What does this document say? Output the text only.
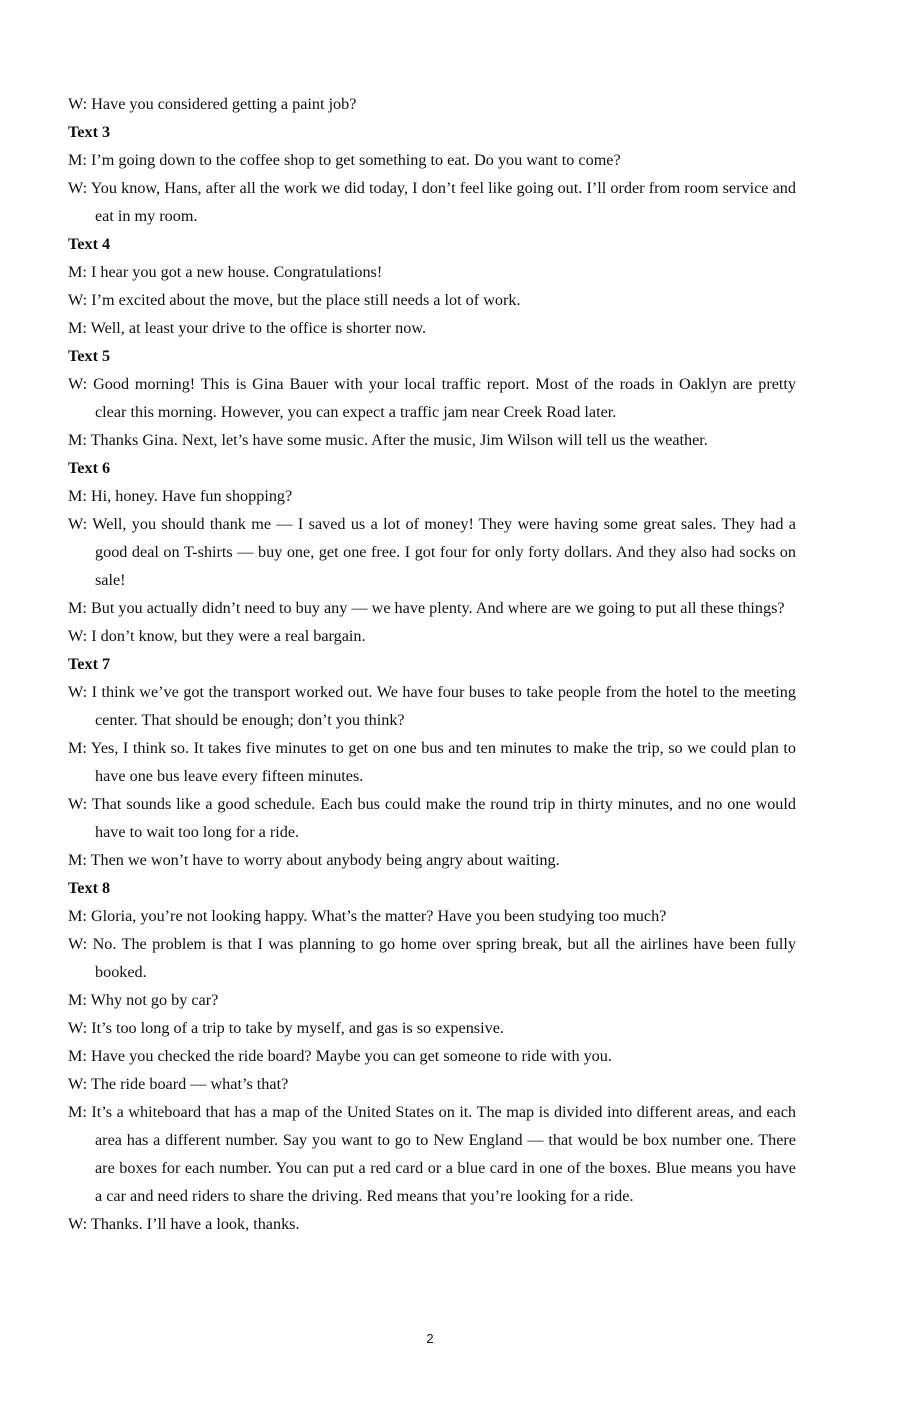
W: Have you considered getting a paint job?

Text 3

M: I’m going down to the coffee shop to get something to eat. Do you want to come?

W: You know, Hans, after all the work we did today, I don’t feel like going out. I’ll order from room service and eat in my room.

Text 4

M: I hear you got a new house. Congratulations!

W: I’m excited about the move, but the place still needs a lot of work.

M: Well, at least your drive to the office is shorter now.

Text 5

W: Good morning! This is Gina Bauer with your local traffic report. Most of the roads in Oaklyn are pretty clear this morning. However, you can expect a traffic jam near Creek Road later.

M: Thanks Gina. Next, let’s have some music. After the music, Jim Wilson will tell us the weather.

Text 6

M: Hi, honey. Have fun shopping?

W: Well, you should thank me — I saved us a lot of money! They were having some great sales. They had a good deal on T-shirts — buy one, get one free. I got four for only forty dollars. And they also had socks on sale!

M: But you actually didn’t need to buy any — we have plenty. And where are we going to put all these things?

W: I don’t know, but they were a real bargain.

Text 7

W: I think we’ve got the transport worked out. We have four buses to take people from the hotel to the meeting center. That should be enough; don’t you think?

M: Yes, I think so. It takes five minutes to get on one bus and ten minutes to make the trip, so we could plan to have one bus leave every fifteen minutes.

W: That sounds like a good schedule. Each bus could make the round trip in thirty minutes, and no one would have to wait too long for a ride.

M: Then we won’t have to worry about anybody being angry about waiting.

Text 8

M: Gloria, you’re not looking happy. What’s the matter? Have you been studying too much?

W: No. The problem is that I was planning to go home over spring break, but all the airlines have been fully booked.

M: Why not go by car?

W: It’s too long of a trip to take by myself, and gas is so expensive.

M: Have you checked the ride board? Maybe you can get someone to ride with you.

W: The ride board — what’s that?

M: It’s a whiteboard that has a map of the United States on it. The map is divided into different areas, and each area has a different number. Say you want to go to New England — that would be box number one. There are boxes for each number. You can put a red card or a blue card in one of the boxes. Blue means you have a car and need riders to share the driving. Red means that you’re looking for a ride.

W: Thanks. I’ll have a look, thanks.

2
